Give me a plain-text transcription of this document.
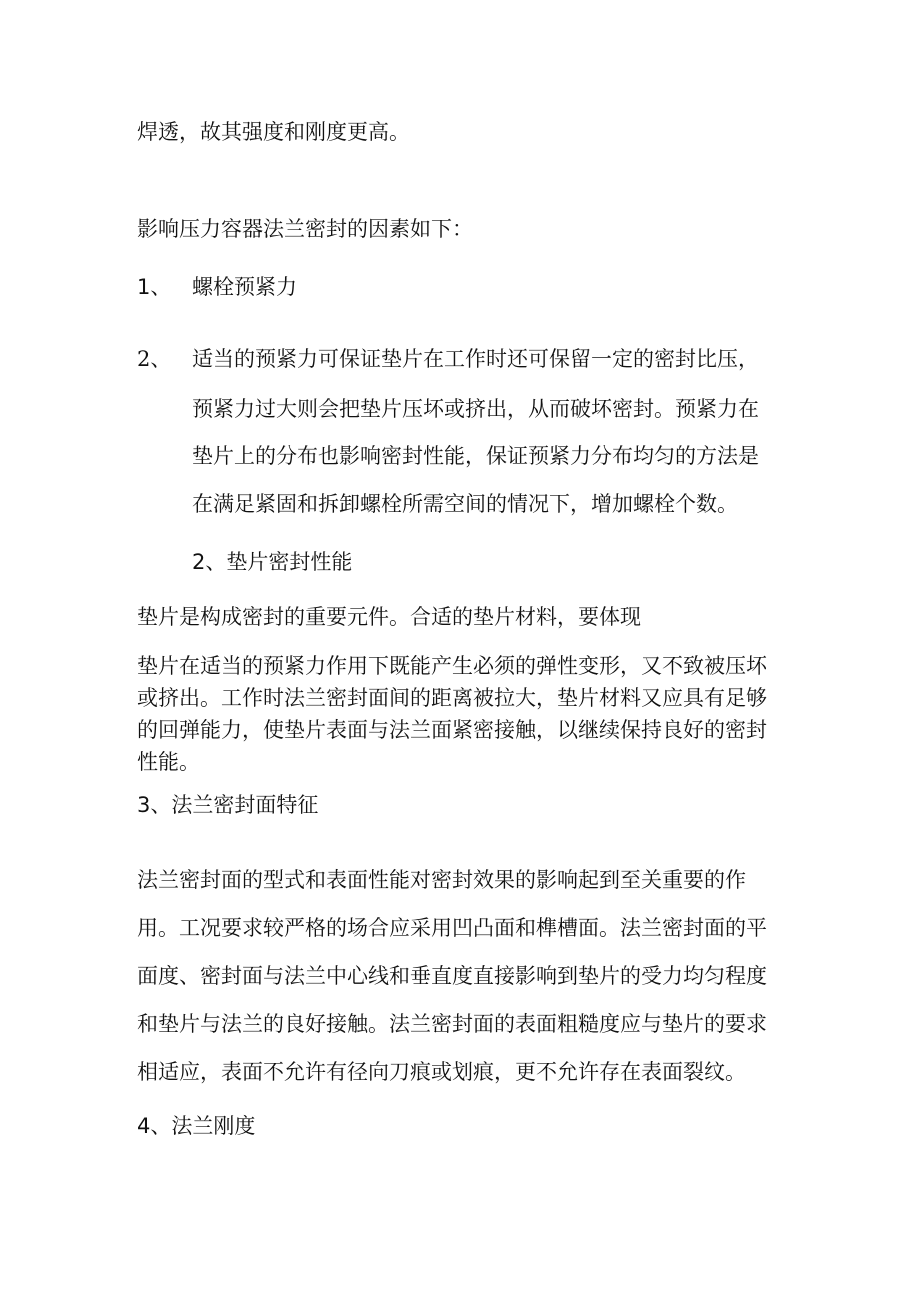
焊透，故其强度和刚度更高。
影响压力容器法兰密封的因素如下：
1、 螺栓预紧力
2、 适当的预紧力可保证垫片在工作时还可保留一定的密封比压，
预紧力过大则会把垫片压坏或挤出，从而破坏密封。预紧力在
垫片上的分布也影响密封性能，保证预紧力分布均匀的方法是
在满足紧固和拆卸螺栓所需空间的情况下，增加螺栓个数。
2、垫片密封性能
垫片是构成密封的重要元件。合适的垫片材料，要体现

垫片在适当的预紧力作用下既能产生必须的弹性变形，又不致被压坏或挤出。工作时法兰密封面间的距离被拉大，垫片材料又应具有足够的回弹能力，使垫片表面与法兰面紧密接触，以继续保持良好的密封性能。

3、法兰密封面特征

法兰密封面的型式和表面性能对密封效果的影响起到至关重要的作用。工况要求较严格的场合应采用凹凸面和榫槽面。法兰密封面的平面度、密封面与法兰中心线和垂直度直接影响到垫片的受力均匀程度和垫片与法兰的良好接触。法兰密封面的表面粗糙度应与垫片的要求相适应，表面不允许有径向刀痕或划痕，更不允许存在表面裂纹。

4、法兰刚度
